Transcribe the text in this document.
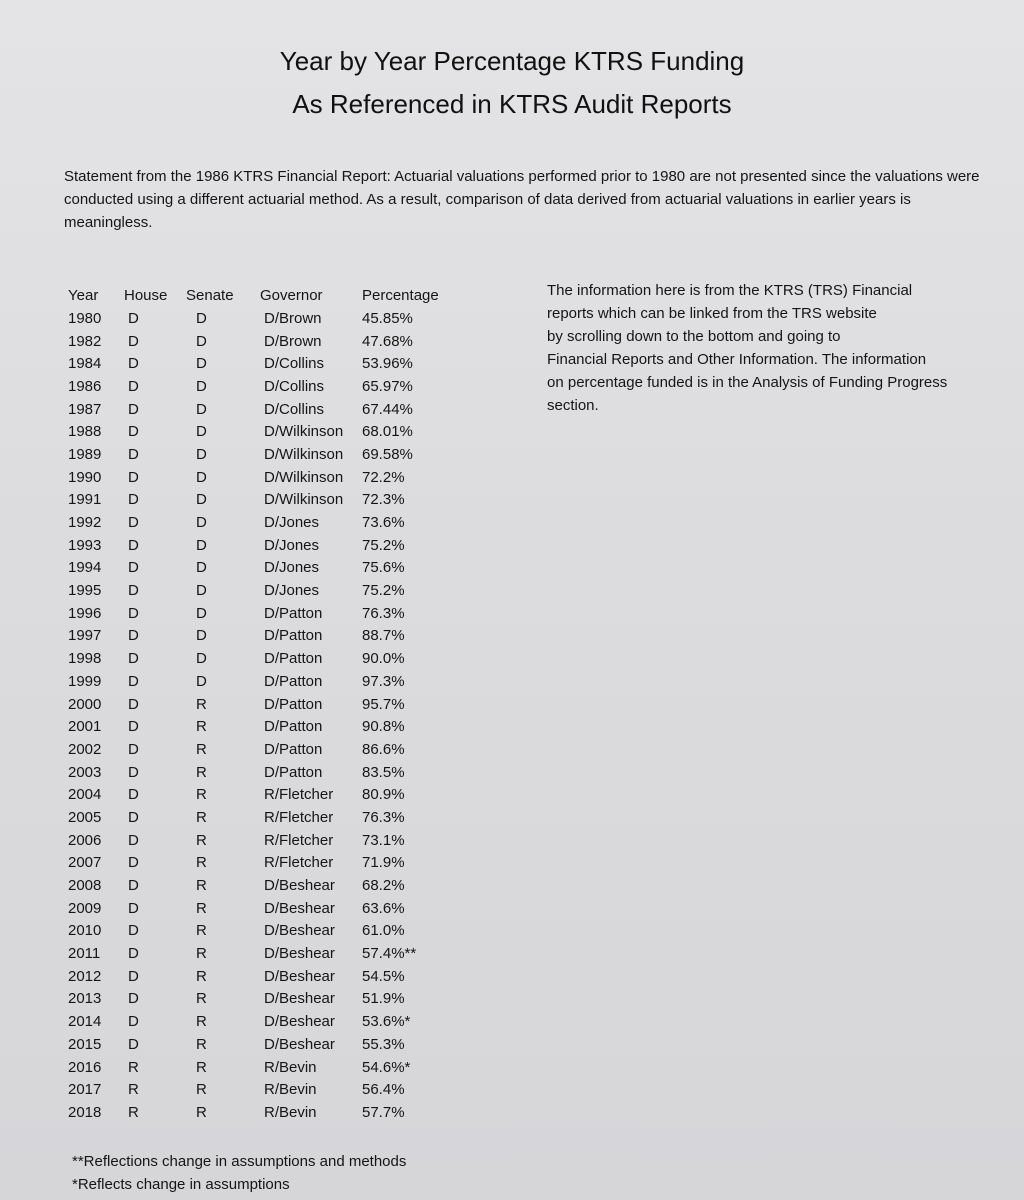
Year by Year Percentage KTRS Funding
As Referenced in KTRS Audit Reports

Statement from the 1986 KTRS Financial Report: Actuarial valuations performed prior to 1980 are not presented since the valuations were conducted using a different actuarial method. As a result, comparison of data derived from actuarial valuations in earlier years is meaningless.

Year	House	Senate	Governor	Percentage
1980	D	D	D/Brown	45.85%
1982	D	D	D/Brown	47.68%
1984	D	D	D/Collins	53.96%
1986	D	D	D/Collins	65.97%
1987	D	D	D/Collins	67.44%
1988	D	D	D/Wilkinson	68.01%
1989	D	D	D/Wilkinson	69.58%
1990	D	D	D/Wilkinson	72.2%
1991	D	D	D/Wilkinson	72.3%
1992	D	D	D/Jones	73.6%
1993	D	D	D/Jones	75.2%
1994	D	D	D/Jones	75.6%
1995	D	D	D/Jones	75.2%
1996	D	D	D/Patton	76.3%
1997	D	D	D/Patton	88.7%
1998	D	D	D/Patton	90.0%
1999	D	D	D/Patton	97.3%
2000	D	R	D/Patton	95.7%
2001	D	R	D/Patton	90.8%
2002	D	R	D/Patton	86.6%
2003	D	R	D/Patton	83.5%
2004	D	R	R/Fletcher	80.9%
2005	D	R	R/Fletcher	76.3%
2006	D	R	R/Fletcher	73.1%
2007	D	R	R/Fletcher	71.9%
2008	D	R	D/Beshear	68.2%
2009	D	R	D/Beshear	63.6%
2010	D	R	D/Beshear	61.0%
2011	D	R	D/Beshear	57.4%**
2012	D	R	D/Beshear	54.5%
2013	D	R	D/Beshear	51.9%
2014	D	R	D/Beshear	53.6%*
2015	D	R	D/Beshear	55.3%
2016	R	R	R/Bevin	54.6%*
2017	R	R	R/Bevin	56.4%
2018	R	R	R/Bevin	57.7%
The information here is from the KTRS (TRS) Financial
reports which can be linked from the TRS website
by scrolling down to the bottom and going to
Financial Reports and Other Information. The information
on percentage funded is in the Analysis of Funding Progress
section.
**Reflections change in assumptions and methods
*Reflects change in assumptions
